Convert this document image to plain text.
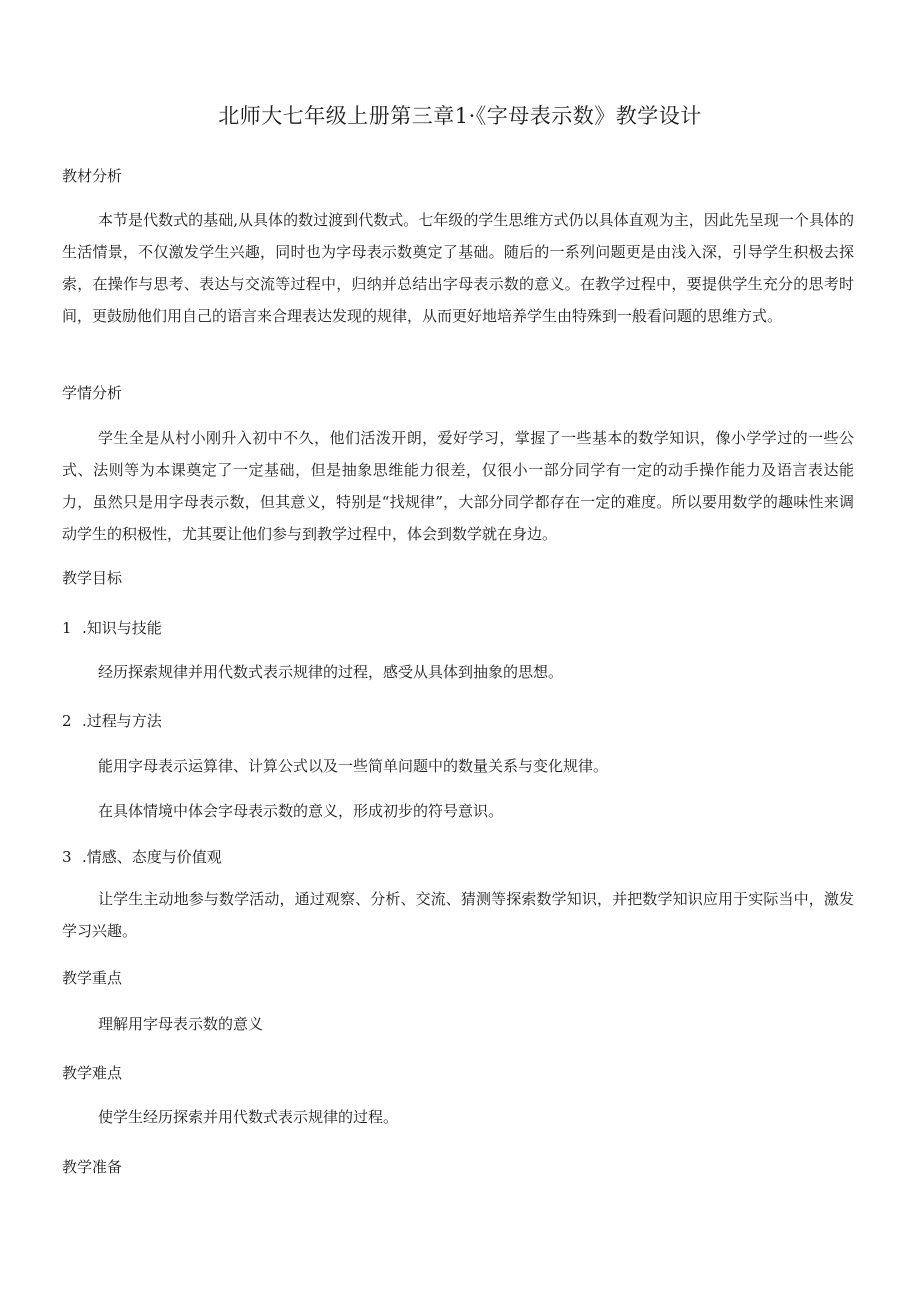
北师大七年级上册第三章1·《字母表示数》教学设计
教材分析
本节是代数式的基础,从具体的数过渡到代数式。七年级的学生思维方式仍以具体直观为主，因此先呈现一个具体的生活情景，不仅激发学生兴趣，同时也为字母表示数奠定了基础。随后的一系列问题更是由浅入深，引导学生积极去探索，在操作与思考、表达与交流等过程中，归纳并总结出字母表示数的意义。在教学过程中，要提供学生充分的思考时间，更鼓励他们用自己的语言来合理表达发现的规律，从而更好地培养学生由特殊到一般看问题的思维方式。
学情分析
学生全是从村小刚升入初中不久，他们活泼开朗，爱好学习，掌握了一些基本的数学知识，像小学学过的一些公式、法则等为本课奠定了一定基础，但是抽象思维能力很差，仅很小一部分同学有一定的动手操作能力及语言表达能力，虽然只是用字母表示数，但其意义，特别是“找规律”，大部分同学都存在一定的难度。所以要用数学的趣味性来调动学生的积极性，尤其要让他们参与到教学过程中，体会到数学就在身边。
教学目标
1 .知识与技能
经历探索规律并用代数式表示规律的过程，感受从具体到抽象的思想。
2 .过程与方法
能用字母表示运算律、计算公式以及一些简单问题中的数量关系与变化规律。
在具体情境中体会字母表示数的意义，形成初步的符号意识。
3 .情感、态度与价值观
让学生主动地参与数学活动，通过观察、分析、交流、猜测等探索数学知识，并把数学知识应用于实际当中，激发学习兴趣。
教学重点
理解用字母表示数的意义
教学难点
使学生经历探索并用代数式表示规律的过程。
教学准备
